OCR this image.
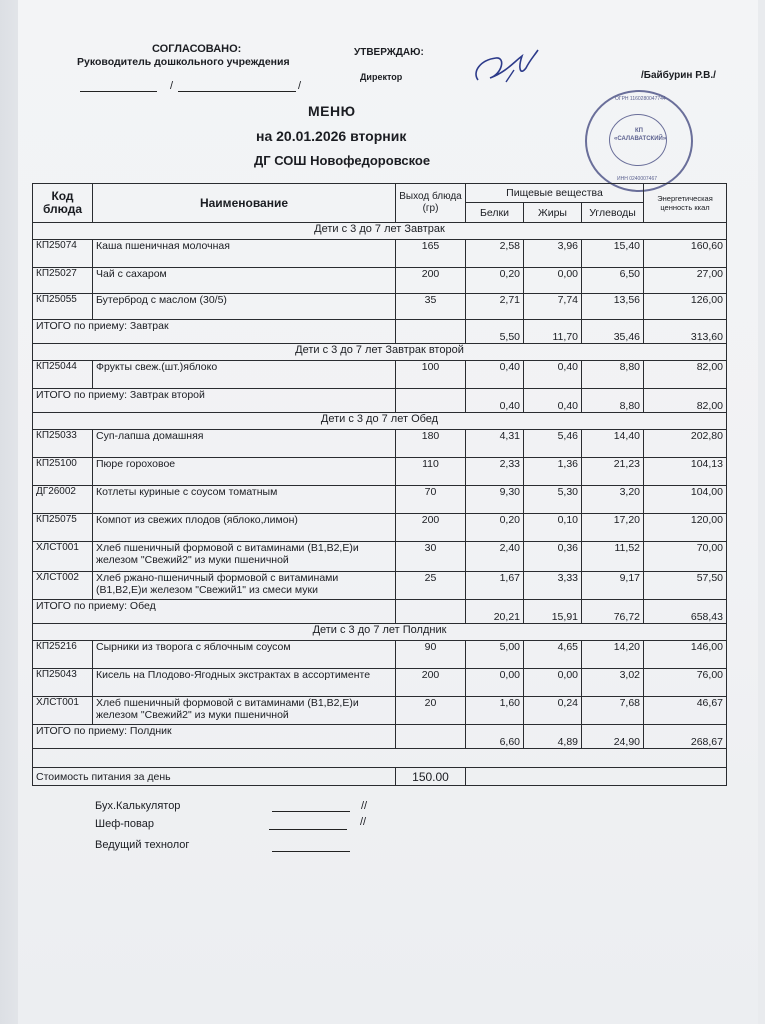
СОГЛАСОВАНО:
Руководитель дошкольного учреждения
/	/
УТВЕРЖДАЮ:
Директор	/Байбурин Р.В./
ОГРН 1160280047744
КП
«САЛАВАТСКИЙ»
ИНН 0240007467
МЕНЮ
на 20.01.2026 вторник
ДГ СОШ Новофедоровское
Код блюда	Наименование	Выход блюда (гр)	Пищевые вещества			Энергетическая ценность ккал
			Белки	Жиры	Углеводы	
Дети с 3 до 7 лет Завтрак						
КП25074	Каша пшеничная молочная	165	2,58	3,96	15,40	160,60
КП25027	Чай с сахаром	200	0,20	0,00	6,50	27,00
КП25055	Бутерброд с маслом (30/5)	35	2,71	7,74	13,56	126,00
ИТОГО по приему: Завтрак			5,50	11,70	35,46	313,60
Дети с 3 до 7 лет Завтрак второй						
КП25044	Фрукты свеж.(шт.)яблоко	100	0,40	0,40	8,80	82,00
ИТОГО по приему: Завтрак второй			0,40	0,40	8,80	82,00
Дети с 3 до 7 лет Обед						
КП25033	Суп-лапша домашняя	180	4,31	5,46	14,40	202,80
КП25100	Пюре гороховое	110	2,33	1,36	21,23	104,13
ДГ26002	Котлеты куриные с соусом томатным	70	9,30	5,30	3,20	104,00
КП25075	Компот из свежих плодов (яблоко,лимон)	200	0,20	0,10	17,20	120,00
ХЛСТ001	Хлеб пшеничный формовой с витаминами (В1,В2,Е)и железом "Свежий2" из муки пшеничной	30	2,40	0,36	11,52	70,00
ХЛСТ002	Хлеб ржано-пшеничный формовой с витаминами (В1,В2,Е)и железом "Свежий1" из смеси муки	25	1,67	3,33	9,17	57,50
ИТОГО по приему: Обед			20,21	15,91	76,72	658,43
Дети с 3 до 7 лет Полдник						
КП25216	Сырники из творога с яблочным соусом	90	5,00	4,65	14,20	146,00
КП25043	Кисель на Плодово-Ягодных экстрактах в ассортименте	200	0,00	0,00	3,02	76,00
ХЛСТ001	Хлеб пшеничный формовой с витаминами (В1,В2,Е)и железом "Свежий2" из муки пшеничной	20	1,60	0,24	7,68	46,67
ИТОГО по приему: Полдник			6,60	4,89	24,90	268,67

Стоимость питания за день		150.00				
Бух.Калькулятор	//
Шеф-повар	//
Ведущий технолог
